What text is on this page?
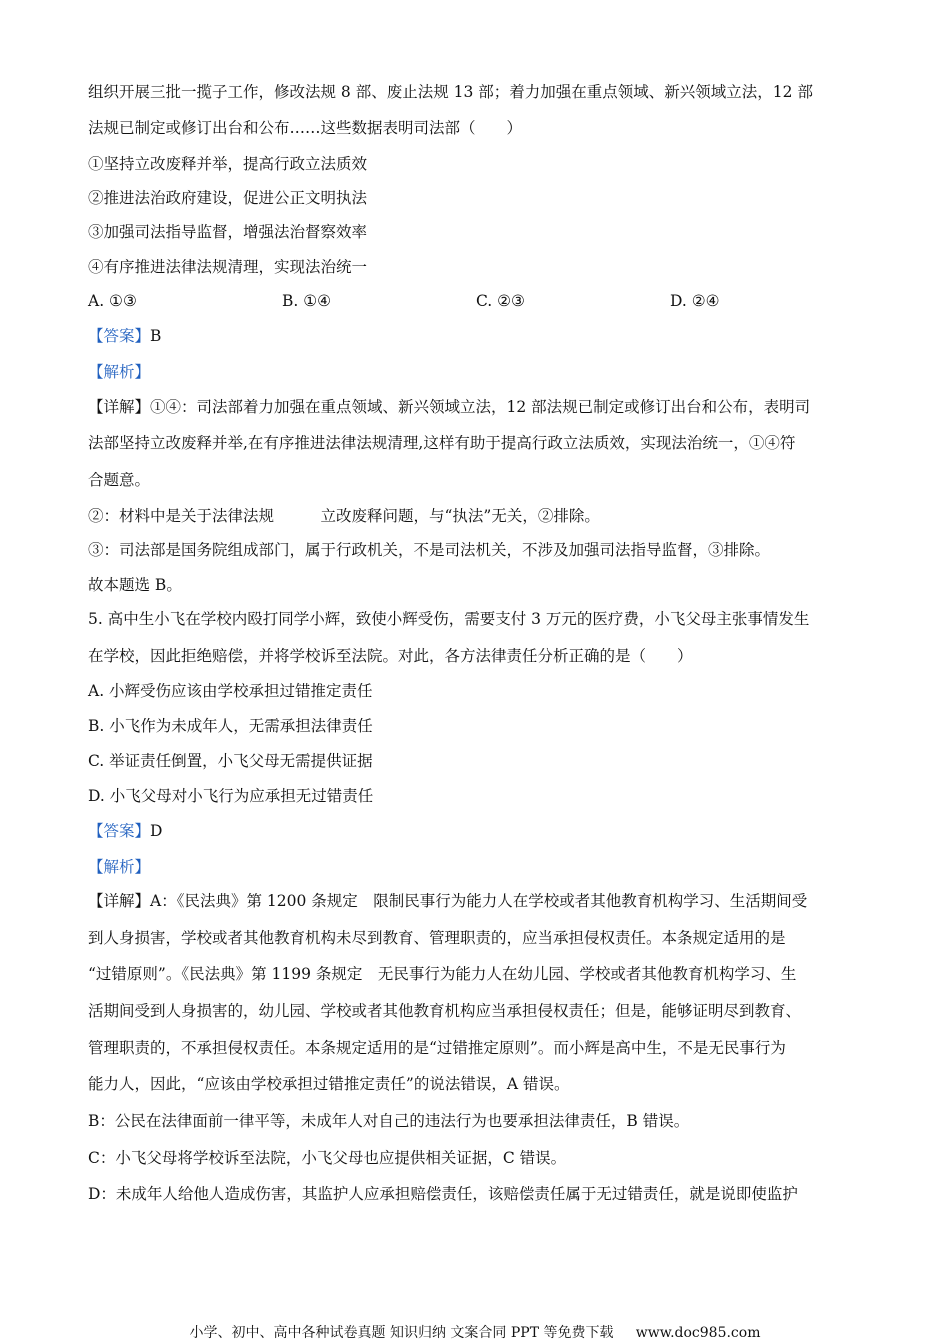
组织开展三批一揽子工作，修改法规 8 部、废止法规 13 部；着力加强在重点领域、新兴领域立法，12 部
法规已制定或修订出台和公布……这些数据表明司法部（　　）
①坚持立改废释并举，提高行政立法质效
②推进法治政府建设，促进公正文明执法
③加强司法指导监督，增强法治督察效率
④有序推进法律法规清理，实现法治统一
A. ①③	B. ①④	C. ②③	D. ②④
【答案】B
【解析】
【详解】①④：司法部着力加强在重点领域、新兴领域立法，12 部法规已制定或修订出台和公布，表明司
法部坚持立改废释并举,在有序推进法律法规清理,这样有助于提高行政立法质效，实现法治统一，①④符
合题意。
②：材料中是关于法律法规　　　立改废释问题，与“执法”无关，②排除。
③：司法部是国务院组成部门，属于行政机关，不是司法机关，不涉及加强司法指导监督，③排除。
故本题选 B。
5. 高中生小飞在学校内殴打同学小辉，致使小辉受伤，需要支付 3 万元的医疗费，小飞父母主张事情发生
在学校，因此拒绝赔偿，并将学校诉至法院。对此，各方法律责任分析正确的是（　　）
A. 小辉受伤应该由学校承担过错推定责任
B. 小飞作为未成年人，无需承担法律责任
C. 举证责任倒置，小飞父母无需提供证据
D. 小飞父母对小飞行为应承担无过错责任
【答案】D
【解析】
【详解】A：《民法典》第 1200 条规定　限制民事行为能力人在学校或者其他教育机构学习、生活期间受
到人身损害，学校或者其他教育机构未尽到教育、管理职责的，应当承担侵权责任。本条规定适用的是
“过错原则”。《民法典》第 1199 条规定　无民事行为能力人在幼儿园、学校或者其他教育机构学习、生
活期间受到人身损害的，幼儿园、学校或者其他教育机构应当承担侵权责任；但是，能够证明尽到教育、
管理职责的，不承担侵权责任。本条规定适用的是“过错推定原则”。而小辉是高中生，不是无民事行为
能力人，因此，“应该由学校承担过错推定责任”的说法错误，A 错误。
B：公民在法律面前一律平等，未成年人对自己的违法行为也要承担法律责任，B 错误。
C：小飞父母将学校诉至法院，小飞父母也应提供相关证据，C 错误。
D：未成年人给他人造成伤害，其监护人应承担赔偿责任，该赔偿责任属于无过错责任，就是说即使监护
小学、初中、高中各种试卷真题 知识归纳 文案合同 PPT 等免费下载 www.doc985.com
